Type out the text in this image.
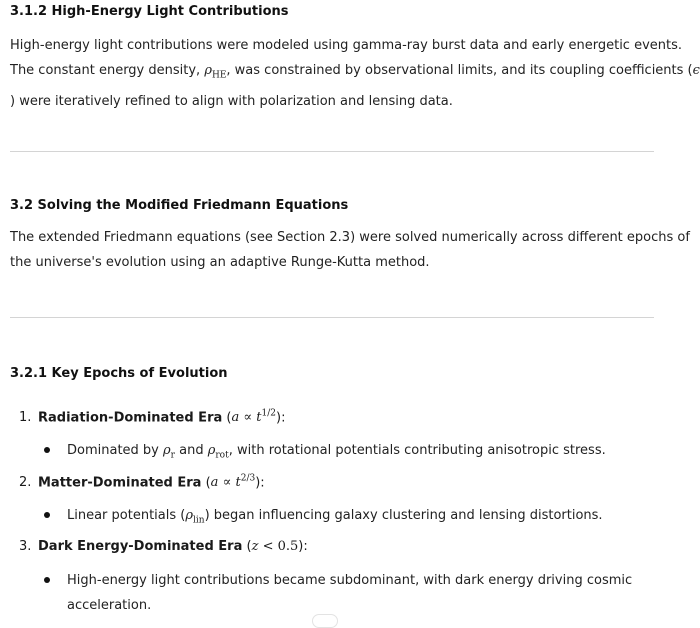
3.1.2 High-Energy Light Contributions
High-energy light contributions were modeled using gamma-ray burst data and early energetic events.
The constant energy density, $\rho_{HE}$, was constrained by observational limits, and its coupling coefficients (ϵ
) were iteratively refined to align with polarization and lensing data.
3.2 Solving the Modified Friedmann Equations
The extended Friedmann equations (see Section 2.3) were solved numerically across different epochs of
the universe's evolution using an adaptive Runge-Kutta method.
3.2.1 Key Epochs of Evolution
1. Radiation-Dominated Era $(a \propto t^{1/2})$:
Dominated by $\rho_r$ and $\rho_{rot}$, with rotational potentials contributing anisotropic stress.
2. Matter-Dominated Era $(a \propto t^{2/3})$:
Linear potentials $(\rho_{lin})$ began influencing galaxy clustering and lensing distortions.
3. Dark Energy-Dominated Era (z < 0.5):
High-energy light contributions became subdominant, with dark energy driving cosmic
acceleration.
